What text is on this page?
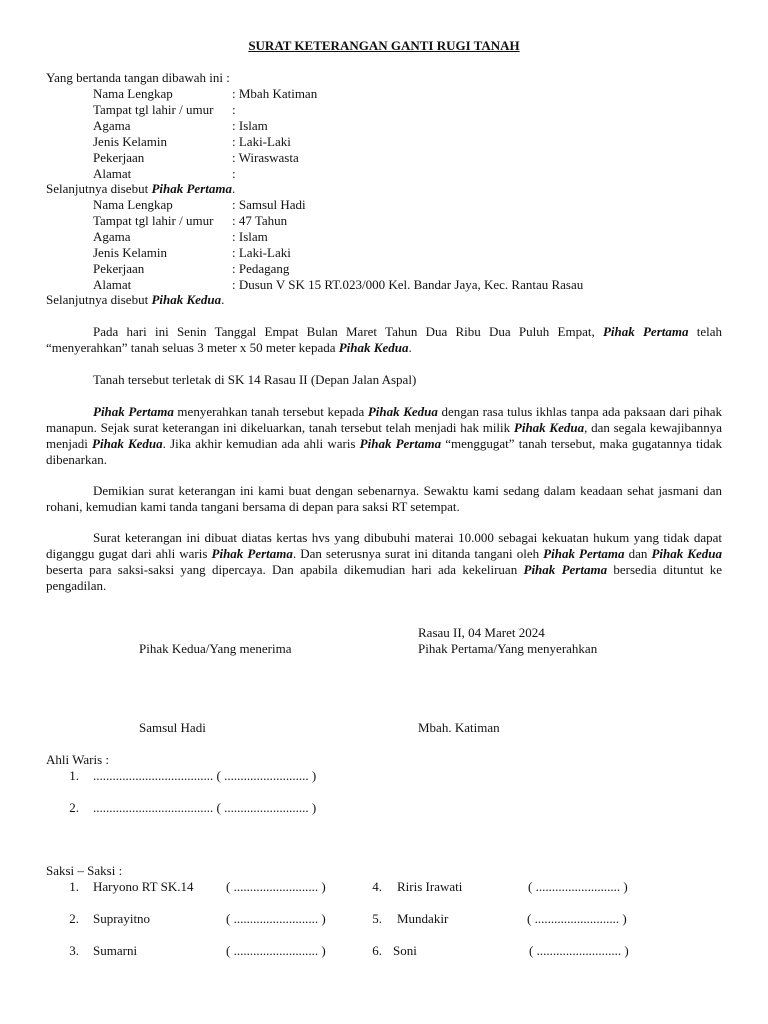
SURAT KETERANGAN GANTI RUGI TANAH
Yang bertanda tangan dibawah ini :
Nama Lengkap	: Mbah Katiman
Tampat tgl lahir / umur :
Agama	: Islam
Jenis Kelamin	: Laki-Laki
Pekerjaan	: Wiraswasta
Alamat	:
Selanjutnya disebut Pihak Pertama.
Nama Lengkap	: Samsul Hadi
Tampat tgl lahir / umur : 47 Tahun
Agama	: Islam
Jenis Kelamin	: Laki-Laki
Pekerjaan	: Pedagang
Alamat	: Dusun V SK 15 RT.023/000 Kel. Bandar Jaya, Kec. Rantau Rasau
Selanjutnya disebut Pihak Kedua.
Pada hari ini Senin Tanggal Empat Bulan Maret Tahun Dua Ribu Dua Puluh Empat, Pihak Pertama telah “menyerahkan” tanah seluas 3 meter x 50 meter kepada Pihak Kedua.
Tanah tersebut terletak di SK 14 Rasau II (Depan Jalan Aspal)
Pihak Pertama menyerahkan tanah tersebut kepada Pihak Kedua dengan rasa tulus ikhlas tanpa ada paksaan dari pihak manapun. Sejak surat keterangan ini dikeluarkan, tanah tersebut telah menjadi hak milik Pihak Kedua, dan segala kewajibannya menjadi Pihak Kedua. Jika akhir kemudian ada ahli waris Pihak Pertama “menggugat” tanah tersebut, maka gugatannya tidak dibenarkan.
Demikian surat keterangan ini kami buat dengan sebenarnya. Sewaktu kami sedang dalam keadaan sehat jasmani dan rohani, kemudian kami tanda tangani bersama di depan para saksi RT setempat.
Surat keterangan ini dibuat diatas kertas hvs yang dibubuhi materai 10.000 sebagai kekuatan hukum yang tidak dapat diganggu gugat dari ahli waris Pihak Pertama. Dan seterusnya surat ini ditanda tangani oleh Pihak Pertama dan Pihak Kedua beserta para saksi-saksi yang dipercaya. Dan apabila dikemudian hari ada kekeliruan Pihak Pertama bersedia dituntut ke pengadilan.
Rasau II, 04 Maret 2024
Pihak Kedua/Yang menerima	Pihak Pertama/Yang menyerahkan
Samsul Hadi	Mbah. Katiman
Ahli Waris :
1. ..................................... ( .......................... )
2. ..................................... ( .......................... )
Saksi – Saksi :
1. Haryono RT SK.14	( .......................... )	4. Riris Irawati	( .......................... )
2. Suprayitno	( .......................... )	5. Mundakir	( .......................... )
3. Sumarni	( .......................... )	6. Soni	( .......................... )
